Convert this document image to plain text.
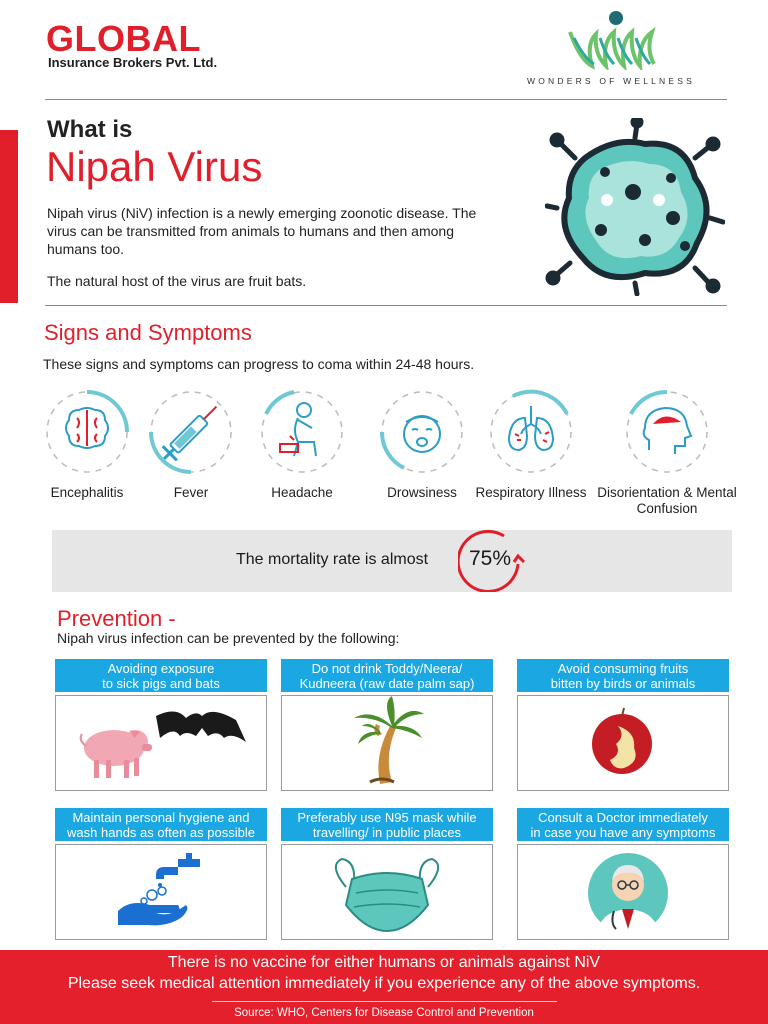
GLOBAL
Insurance Brokers Pvt. Ltd.
WONDERS OF WELLNESS
What is
Nipah Virus
Nipah virus (NiV) infection is a newly emerging zoonotic disease. The virus can be transmitted from animals to humans and then among humans too.
The natural host of the virus are fruit bats.
Signs and Symptoms
These signs and symptoms can progress to coma within 24-48 hours.
Encephalitis	Fever	Headache	Drowsiness	Respiratory Illness Disorientation & Mental Confusion
The mortality rate is almost 75%
Prevention -
Nipah virus infection can be prevented by the following:
Avoiding exposure
to sick pigs and bats
Do not drink Toddy/Neera/
Kudneera (raw date palm sap)
Avoid consuming fruits
bitten by birds or animals
Maintain personal hygiene and
wash hands as often as possible
Preferably use N95 mask while
travelling/ in public places
Consult a Doctor immediately
in case you have any symptoms
There is no vaccine for either humans or animals against NiV
Please seek medical attention immediately if you experience any of the above symptoms.
Source: WHO, Centers for Disease Control and Prevention
